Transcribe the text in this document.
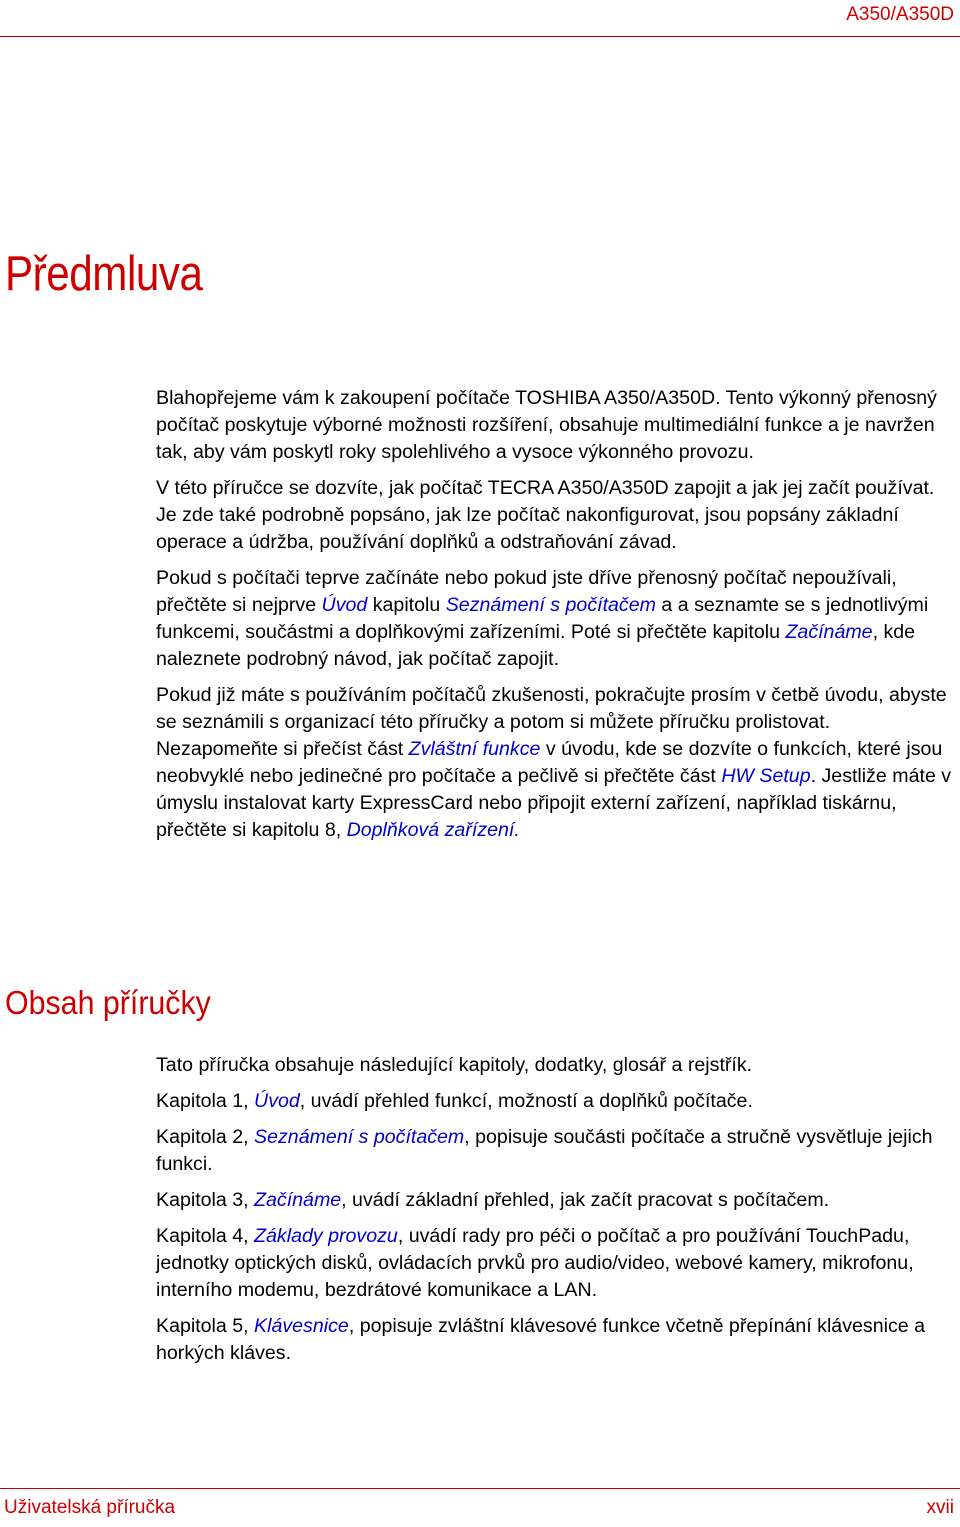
A350/A350D
Předmluva

Blahopřejeme vám k zakoupení počítače TOSHIBA A350/A350D. Tento výkonný přenosný počítač poskytuje výborné možnosti rozšíření, obsahuje multimediální funkce a je navržen tak, aby vám poskytl roky spolehlivého a vysoce výkonného provozu.

V této příručce se dozvíte, jak počítač TECRA A350/A350D zapojit a jak jej začít používat. Je zde také podrobně popsáno, jak lze počítač nakonfigurovat, jsou popsány základní operace a údržba, používání doplňků a odstraňování závad.

Pokud s počítači teprve začínáte nebo pokud jste dříve přenosný počítač nepoužívali, přečtěte si nejprve Úvod kapitolu Seznámení s počítačem a a seznamte se s jednotlivými funkcemi, součástmi a doplňkovými zařízeními. Poté si přečtěte kapitolu Začínáme, kde naleznete podrobný návod, jak počítač zapojit.

Pokud již máte s používáním počítačů zkušenosti, pokračujte prosím v četbě úvodu, abyste se seznámili s organizací této příručky a potom si můžete příručku prolistovat. Nezapomeňte si přečíst část Zvláštní funkce v úvodu, kde se dozvíte o funkcích, které jsou neobvyklé nebo jedinečné pro počítače a pečlivě si přečtěte část HW Setup. Jestliže máte v úmyslu instalovat karty ExpressCard nebo připojit externí zařízení, například tiskárnu, přečtěte si kapitolu 8, Doplňková zařízení.

Obsah příručky

Tato příručka obsahuje následující kapitoly, dodatky, glosář a rejstřík.

Kapitola 1, Úvod, uvádí přehled funkcí, možností a doplňků počítače.

Kapitola 2, Seznámení s počítačem, popisuje součásti počítače a stručně vysvětluje jejich funkci.

Kapitola 3, Začínáme, uvádí základní přehled, jak začít pracovat s počítačem.

Kapitola 4, Základy provozu, uvádí rady pro péči o počítač a pro používání TouchPadu, jednotky optických disků, ovládacích prvků pro audio/video, webové kamery, mikrofonu, interního modemu, bezdrátové komunikace a LAN.

Kapitola 5, Klávesnice, popisuje zvláštní klávesové funkce včetně přepínání klávesnice a horkých kláves.

Uživatelská příručka	xvii
